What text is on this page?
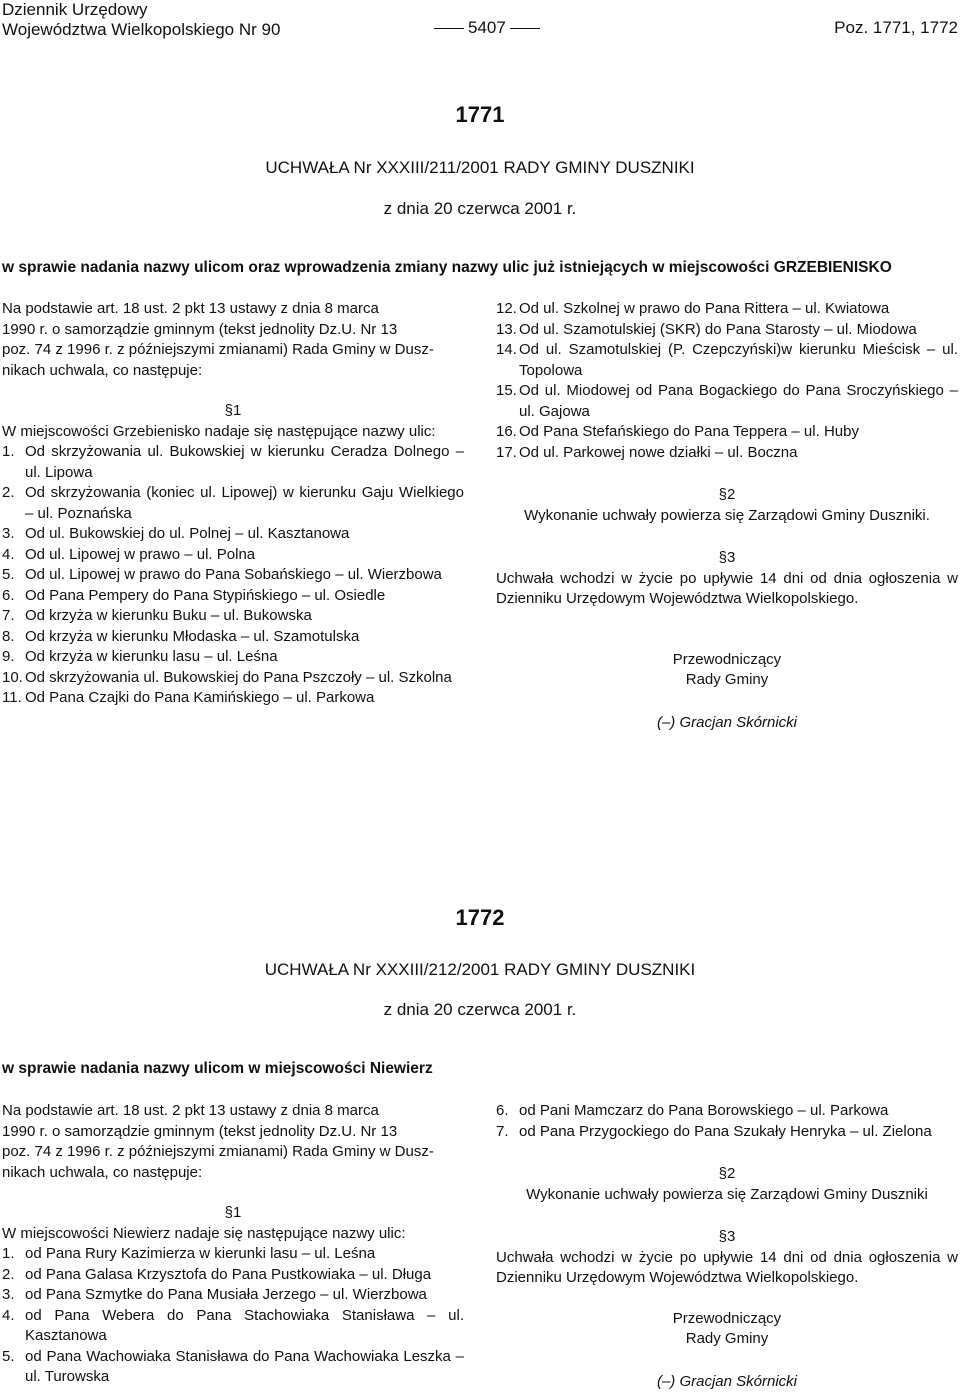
Dziennik Urzędowy
Województwa Wielkopolskiego Nr 90	5407	Poz. 1771, 1772
1771
UCHWAŁA Nr XXXIII/211/2001 RADY GMINY DUSZNIKI
z dnia 20 czerwca 2001 r.
w sprawie nadania nazwy ulicom oraz wprowadzenia zmiany nazwy ulic już istniejących w miejscowości GRZEBIENISKO
Na podstawie art. 18 ust. 2 pkt 13 ustawy z dnia 8 marca
1990 r. o samorządzie gminnym (tekst jednolity Dz.U. Nr 13
poz. 74 z 1996 r. z późniejszymi zmianami) Rada Gminy w Dusz-
nikach uchwala, co następuje:

§1

W miejscowości Grzebienisko nadaje się następujące nazwy ulic:

1. Od skrzyżowania ul. Bukowskiej w kierunku Ceradza Dolnego – ul. Lipowa
2. Od skrzyżowania (koniec ul. Lipowej) w kierunku Gaju Wielkiego – ul. Poznańska
3. Od ul. Bukowskiej do ul. Polnej – ul. Kasztanowa
4. Od ul. Lipowej w prawo – ul. Polna
5. Od ul. Lipowej w prawo do Pana Sobańskiego – ul. Wierzbowa
6. Od Pana Pempery do Pana Stypińskiego – ul. Osiedle
7. Od krzyża w kierunku Buku – ul. Bukowska
8. Od krzyża w kierunku Młodaska – ul. Szamotulska
9. Od krzyża w kierunku lasu – ul. Leśna
10. Od skrzyżowania ul. Bukowskiej do Pana Pszczoły – ul. Szkolna
11. Od Pana Czajki do Pana Kamińskiego – ul. Parkowa
12. Od ul. Szkolnej w prawo do Pana Rittera – ul. Kwiatowa
13. Od ul. Szamotulskiej (SKR) do Pana Starosty – ul. Miodowa
14. Od ul. Szamotulskiej (P. Czepczyński)w kierunku Mieścisk – ul. Topolowa
15. Od ul. Miodowej od Pana Bogackiego do Pana Sroczyńskiego – ul. Gajowa
16. Od Pana Stefańskiego do Pana Teppera – ul. Huby
17. Od ul. Parkowej nowe działki – ul. Boczna

§2

Wykonanie uchwały powierza się Zarządowi Gminy Duszniki.

§3

Uchwała wchodzi w życie po upływie 14 dni od dnia ogłoszenia w Dzienniku Urzędowym Województwa Wielkopolskiego.

Przewodniczący
Rady Gminy
(–) Gracjan Skórnicki
1772
UCHWAŁA Nr XXXIII/212/2001 RADY GMINY DUSZNIKI
z dnia 20 czerwca 2001 r.
w sprawie nadania nazwy ulicom w miejscowości Niewierz
Na podstawie art. 18 ust. 2 pkt 13 ustawy z dnia 8 marca
1990 r. o samorządzie gminnym (tekst jednolity Dz.U. Nr 13
poz. 74 z 1996 r. z późniejszymi zmianami) Rada Gminy w Dusz-
nikach uchwala, co następuje:

§1

W miejscowości Niewierz nadaje się następujące nazwy ulic:

1. od Pana Rury Kazimierza w kierunki lasu – ul. Leśna
2. od Pana Galasa Krzysztofa do Pana Pustkowiaka – ul. Długa
3. od Pana Szmytke do Pana Musiała Jerzego – ul. Wierzbowa
4. od Pana Webera do Pana Stachowiaka Stanisława – ul. Kasztanowa
5. od Pana Wachowiaka Stanisława do Pana Wachowiaka Leszka – ul. Turowska
6. od Pani Mamczarz do Pana Borowskiego – ul. Parkowa
7. od Pana Przygockiego do Pana Szukały Henryka – ul. Zielona

§2

Wykonanie uchwały powierza się Zarządowi Gminy Duszniki

§3

Uchwała wchodzi w życie po upływie 14 dni od dnia ogłoszenia w Dzienniku Urzędowym Województwa Wielkopolskiego.

Przewodniczący
Rady Gminy
(–) Gracjan Skórnicki
